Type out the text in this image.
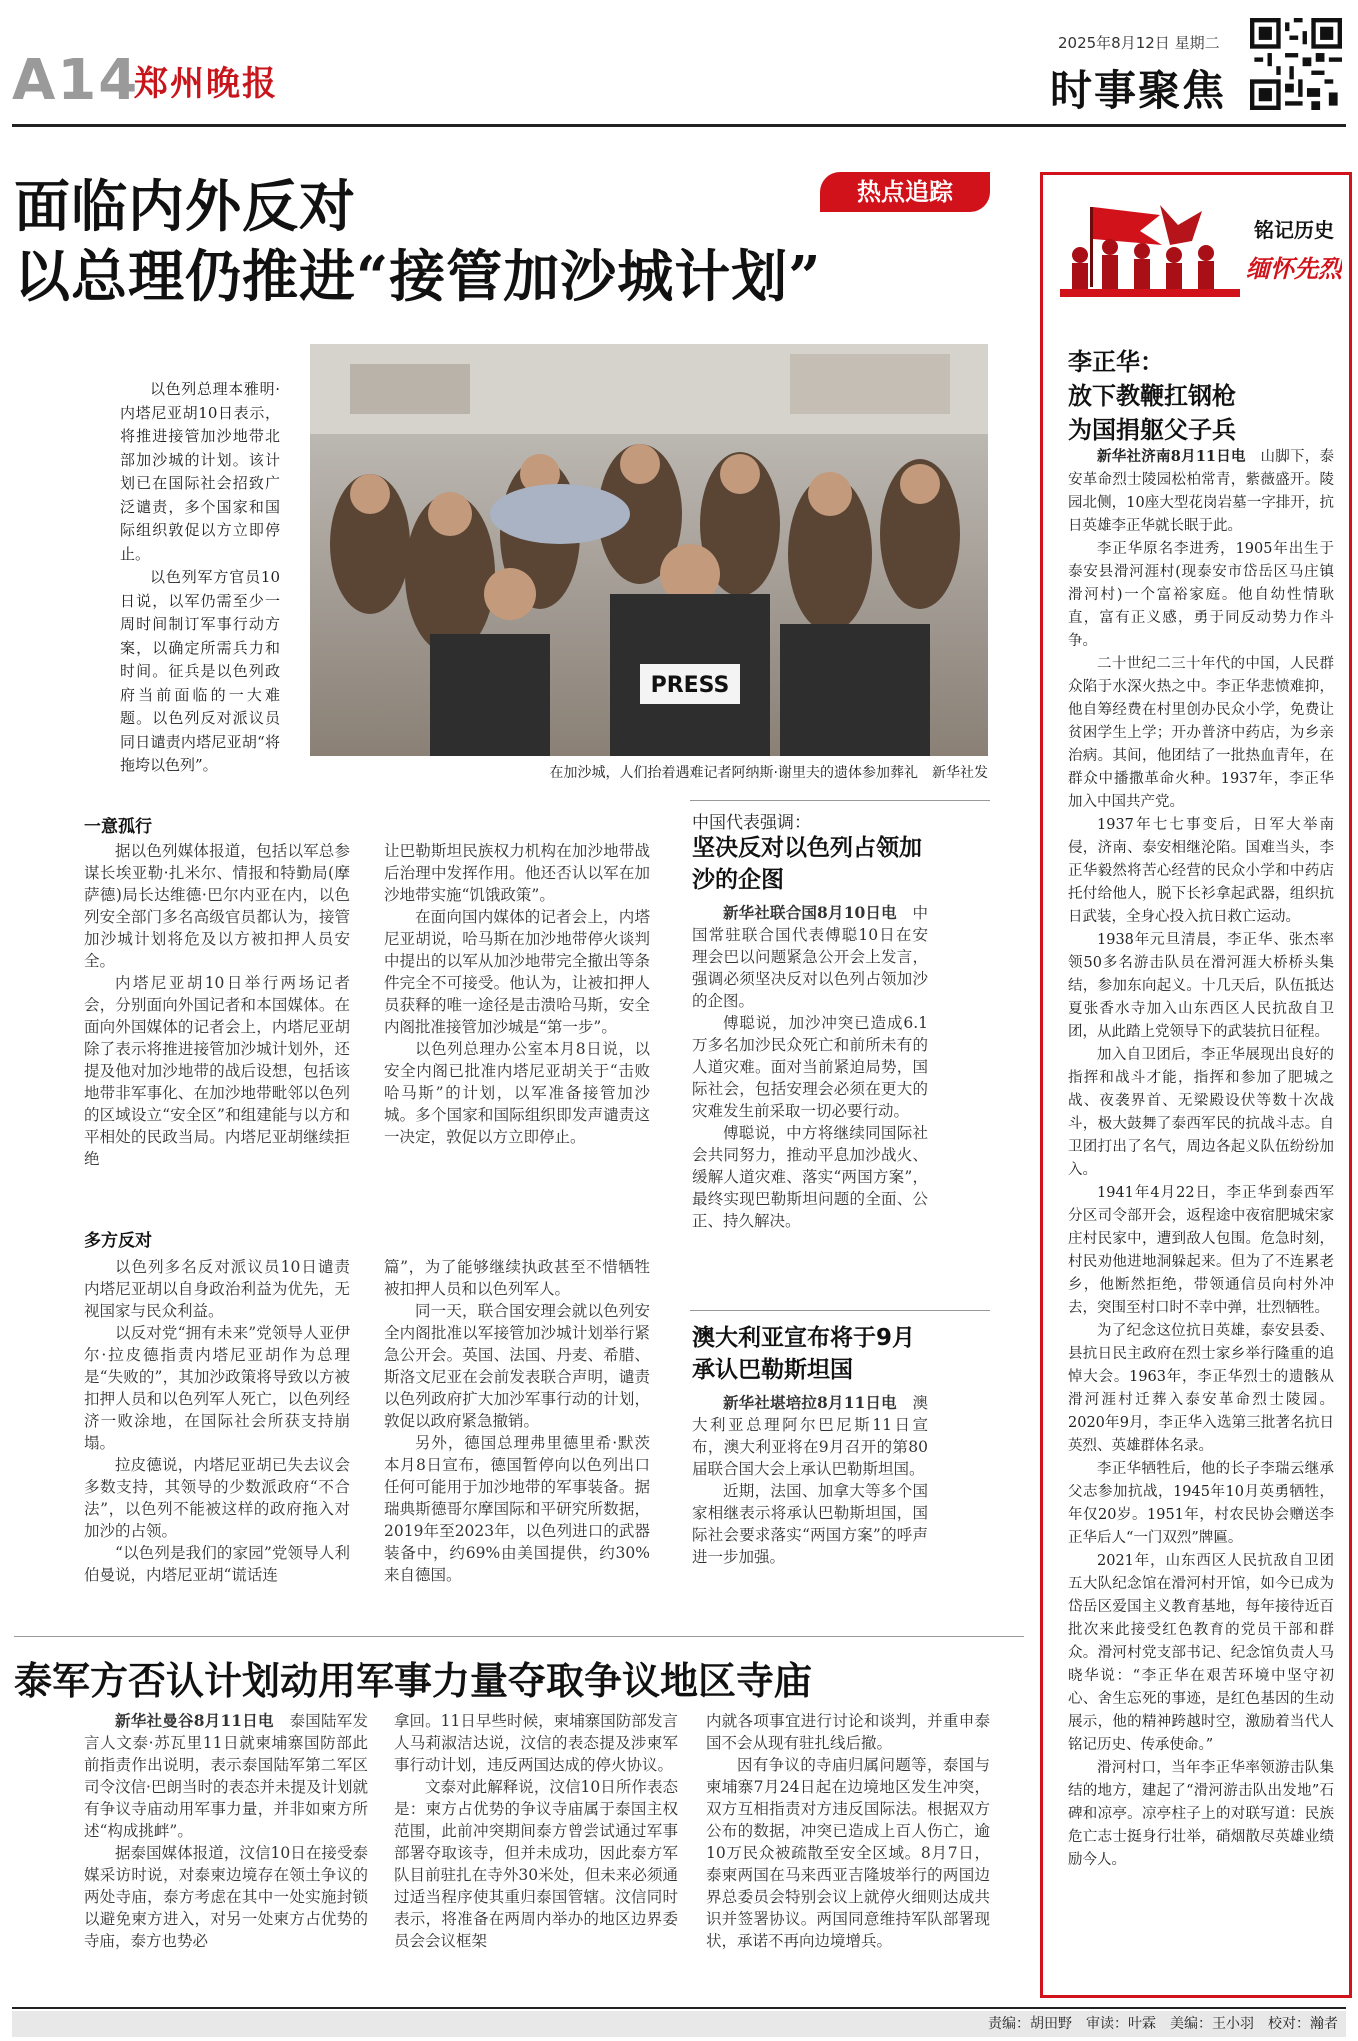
A14
郑州晚报
2025年8月12日 星期二
时事聚焦
面临内外反对
以总理仍推进“接管加沙城计划”
热点追踪

以色列总理本雅明·内塔尼亚胡10日表示，将推进接管加沙地带北部加沙城的计划。该计划已在国际社会招致广泛谴责，多个国家和国际组织敦促以方立即停止。

以色列军方官员10日说，以军仍需至少一周时间制订军事行动方案，以确定所需兵力和时间。征兵是以色列政府当前面临的一大难题。以色列反对派议员同日谴责内塔尼亚胡“将拖垮以色列”。

PRESS
在加沙城，人们抬着遇难记者阿纳斯·谢里夫的遗体参加葬礼　新华社发
一意孤行

据以色列媒体报道，包括以军总参谋长埃亚勒·扎米尔、情报和特勤局(摩萨德)局长达维德·巴尔内亚在内，以色列安全部门多名高级官员都认为，接管加沙城计划将危及以方被扣押人员安全。

内塔尼亚胡10日举行两场记者会，分别面向外国记者和本国媒体。在面向外国媒体的记者会上，内塔尼亚胡除了表示将推进接管加沙城计划外，还提及他对加沙地带的战后设想，包括该地带非军事化、在加沙地带毗邻以色列的区域设立“安全区”和组建能与以方和平相处的民政当局。内塔尼亚胡继续拒绝

让巴勒斯坦民族权力机构在加沙地带战后治理中发挥作用。他还否认以军在加沙地带实施“饥饿政策”。

在面向国内媒体的记者会上，内塔尼亚胡说，哈马斯在加沙地带停火谈判中提出的以军从加沙地带完全撤出等条件完全不可接受。他认为，让被扣押人员获释的唯一途径是击溃哈马斯，安全内阁批准接管加沙城是“第一步”。

以色列总理办公室本月8日说，以安全内阁已批准内塔尼亚胡关于“击败哈马斯”的计划，以军准备接管加沙城。多个国家和国际组织即发声谴责这一决定，敦促以方立即停止。

多方反对

以色列多名反对派议员10日谴责内塔尼亚胡以自身政治利益为优先，无视国家与民众利益。

以反对党“拥有未来”党领导人亚伊尔·拉皮德指责内塔尼亚胡作为总理是“失败的”，其加沙政策将导致以方被扣押人员和以色列军人死亡，以色列经济一败涂地，在国际社会所获支持崩塌。

拉皮德说，内塔尼亚胡已失去议会多数支持，其领导的少数派政府“不合法”，以色列不能被这样的政府拖入对加沙的占领。

“以色列是我们的家园”党领导人利伯曼说，内塔尼亚胡“谎话连

篇”，为了能够继续执政甚至不惜牺牲被扣押人员和以色列军人。

同一天，联合国安理会就以色列安全内阁批准以军接管加沙城计划举行紧急公开会。英国、法国、丹麦、希腊、斯洛文尼亚在会前发表联合声明，谴责以色列政府扩大加沙军事行动的计划，敦促以政府紧急撤销。

另外，德国总理弗里德里希·默茨本月8日宣布，德国暂停向以色列出口任何可能用于加沙地带的军事装备。据瑞典斯德哥尔摩国际和平研究所数据，2019年至2023年，以色列进口的武器装备中，约69%由美国提供，约30%来自德国。

中国代表强调：
坚决反对以色列占领加沙的企图

新华社联合国8月10日电　 中国常驻联合国代表傅聪10日在安理会巴以问题紧急公开会上发言，强调必须坚决反对以色列占领加沙的企图。

傅聪说，加沙冲突已造成6.1万多名加沙民众死亡和前所未有的人道灾难。面对当前紧迫局势，国际社会，包括安理会必须在更大的灾难发生前采取一切必要行动。

傅聪说，中方将继续同国际社会共同努力，推动平息加沙战火、缓解人道灾难、落实“两国方案”，最终实现巴勒斯坦问题的全面、公正、持久解决。

澳大利亚宣布将于9月承认巴勒斯坦国

新华社堪培拉8月11日电　 澳大利亚总理阿尔巴尼斯11日宣布，澳大利亚将在9月召开的第80届联合国大会上承认巴勒斯坦国。

近期，法国、加拿大等多个国家相继表示将承认巴勒斯坦国，国际社会要求落实“两国方案”的呼声进一步加强。

泰军方否认计划动用军事力量夺取争议地区寺庙

新华社曼谷8月11日电　 泰国陆军发言人文泰·苏瓦里11日就柬埔寨国防部此前指责作出说明，表示泰国陆军第二军区司令汶信·巴朗当时的表态并未提及计划就有争议寺庙动用军事力量，并非如柬方所述“构成挑衅”。

据泰国媒体报道，汶信10日在接受泰媒采访时说，对泰柬边境存在领土争议的两处寺庙，泰方考虑在其中一处实施封锁以避免柬方进入，对另一处柬方占优势的寺庙，泰方也势必

拿回。11日早些时候，柬埔寨国防部发言人马莉淑洁达说，汶信的表态提及涉柬军事行动计划，违反两国达成的停火协议。

文泰对此解释说，汶信10日所作表态是：柬方占优势的争议寺庙属于泰国主权范围，此前冲突期间泰方曾尝试通过军事部署夺取该寺，但并未成功，因此泰方军队目前驻扎在寺外30米处，但未来必须通过适当程序使其重归泰国管辖。汶信同时表示，将准备在两周内举办的地区边界委员会会议框架

内就各项事宜进行讨论和谈判，并重申泰国不会从现有驻扎线后撤。

因有争议的寺庙归属问题等，泰国与柬埔寨7月24日起在边境地区发生冲突，双方互相指责对方违反国际法。根据双方公布的数据，冲突已造成上百人伤亡，逾10万民众被疏散至安全区域。8月7日，泰柬两国在马来西亚吉隆坡举行的两国边界总委员会特别会议上就停火细则达成共识并签署协议。两国同意维持军队部署现状，承诺不再向边境增兵。

铭记历史
缅怀先烈
李正华：
放下教鞭扛钢枪
为国捐躯父子兵

新华社济南8月11日电　 山脚下，泰安革命烈士陵园松柏常青，紫薇盛开。陵园北侧，10座大型花岗岩墓一字排开，抗日英雄李正华就长眠于此。

李正华原名李进秀，1905年出生于泰安县滑河涯村(现泰安市岱岳区马庄镇滑河村)一个富裕家庭。他自幼性情耿直，富有正义感，勇于同反动势力作斗争。

二十世纪二三十年代的中国，人民群众陷于水深火热之中。李正华悲愤难抑，他自筹经费在村里创办民众小学，免费让贫困学生上学；开办普济中药店，为乡亲治病。其间，他团结了一批热血青年，在群众中播撒革命火种。1937年，李正华加入中国共产党。

1937年七七事变后，日军大举南侵，济南、泰安相继沦陷。国难当头，李正华毅然将苦心经营的民众小学和中药店托付给他人，脱下长衫拿起武器，组织抗日武装，全身心投入抗日救亡运动。

1938年元旦清晨，李正华、张杰率领50多名游击队员在滑河涯大桥桥头集结，参加东向起义。十几天后，队伍抵达夏张香水寺加入山东西区人民抗敌自卫团，从此踏上党领导下的武装抗日征程。

加入自卫团后，李正华展现出良好的指挥和战斗才能，指挥和参加了肥城之战、夜袭界首、无梁殿设伏等数十次战斗，极大鼓舞了泰西军民的抗战斗志。自卫团打出了名气，周边各起义队伍纷纷加入。

1941年4月22日，李正华到泰西军分区司令部开会，返程途中夜宿肥城宋家庄村民家中，遭到敌人包围。危急时刻，村民劝他进地洞躲起来。但为了不连累老乡，他断然拒绝，带领通信员向村外冲去，突围至村口时不幸中弹，壮烈牺牲。

为了纪念这位抗日英雄，泰安县委、县抗日民主政府在烈士家乡举行隆重的追悼大会。1963年，李正华烈士的遗骸从滑河涯村迁葬入泰安革命烈士陵园。2020年9月，李正华入选第三批著名抗日英烈、英雄群体名录。

李正华牺牲后，他的长子李瑞云继承父志参加抗战，1945年10月英勇牺牲，年仅20岁。1951年，村农民协会赠送李正华后人“一门双烈”牌匾。

2021年，山东西区人民抗敌自卫团五大队纪念馆在滑河村开馆，如今已成为岱岳区爱国主义教育基地，每年接待近百批次来此接受红色教育的党员干部和群众。滑河村党支部书记、纪念馆负责人马晓华说：“李正华在艰苦环境中坚守初心、舍生忘死的事迹，是红色基因的生动展示，他的精神跨越时空，激励着当代人铭记历史、传承使命。”

滑河村口，当年李正华率领游击队集结的地方，建起了“滑河游击队出发地”石碑和凉亭。凉亭柱子上的对联写道：民族危亡志士挺身行壮举，硝烟散尽英雄业绩励今人。

责编：胡田野　审读：叶霖　美编：王小羽　校对：瀚者
